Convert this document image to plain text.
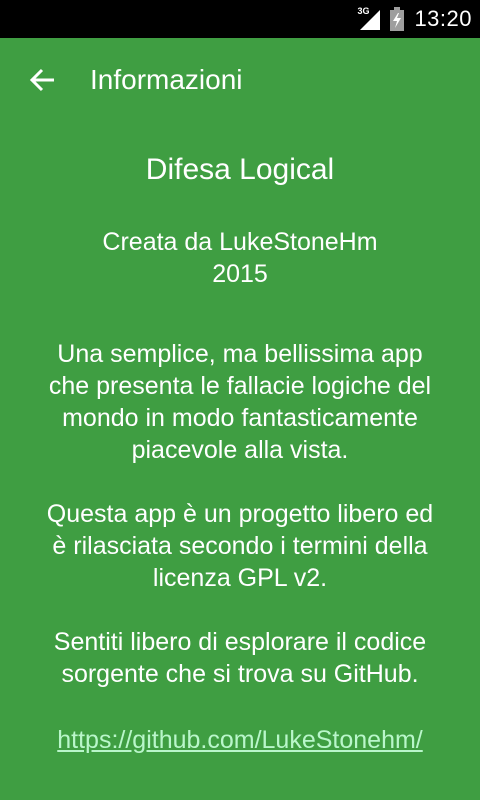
3G 13:20
Informazioni
Difesa Logical
Creata da LukeStoneHm
2015
Una semplice, ma bellissima app
che presenta le fallacie logiche del
mondo in modo fantasticamente
piacevole alla vista.
Questa app è un progetto libero ed
è rilasciata secondo i termini della
licenza GPL v2.
Sentiti libero di esplorare il codice
sorgente che si trova su GitHub.
https://github.com/LukeStonehm/
